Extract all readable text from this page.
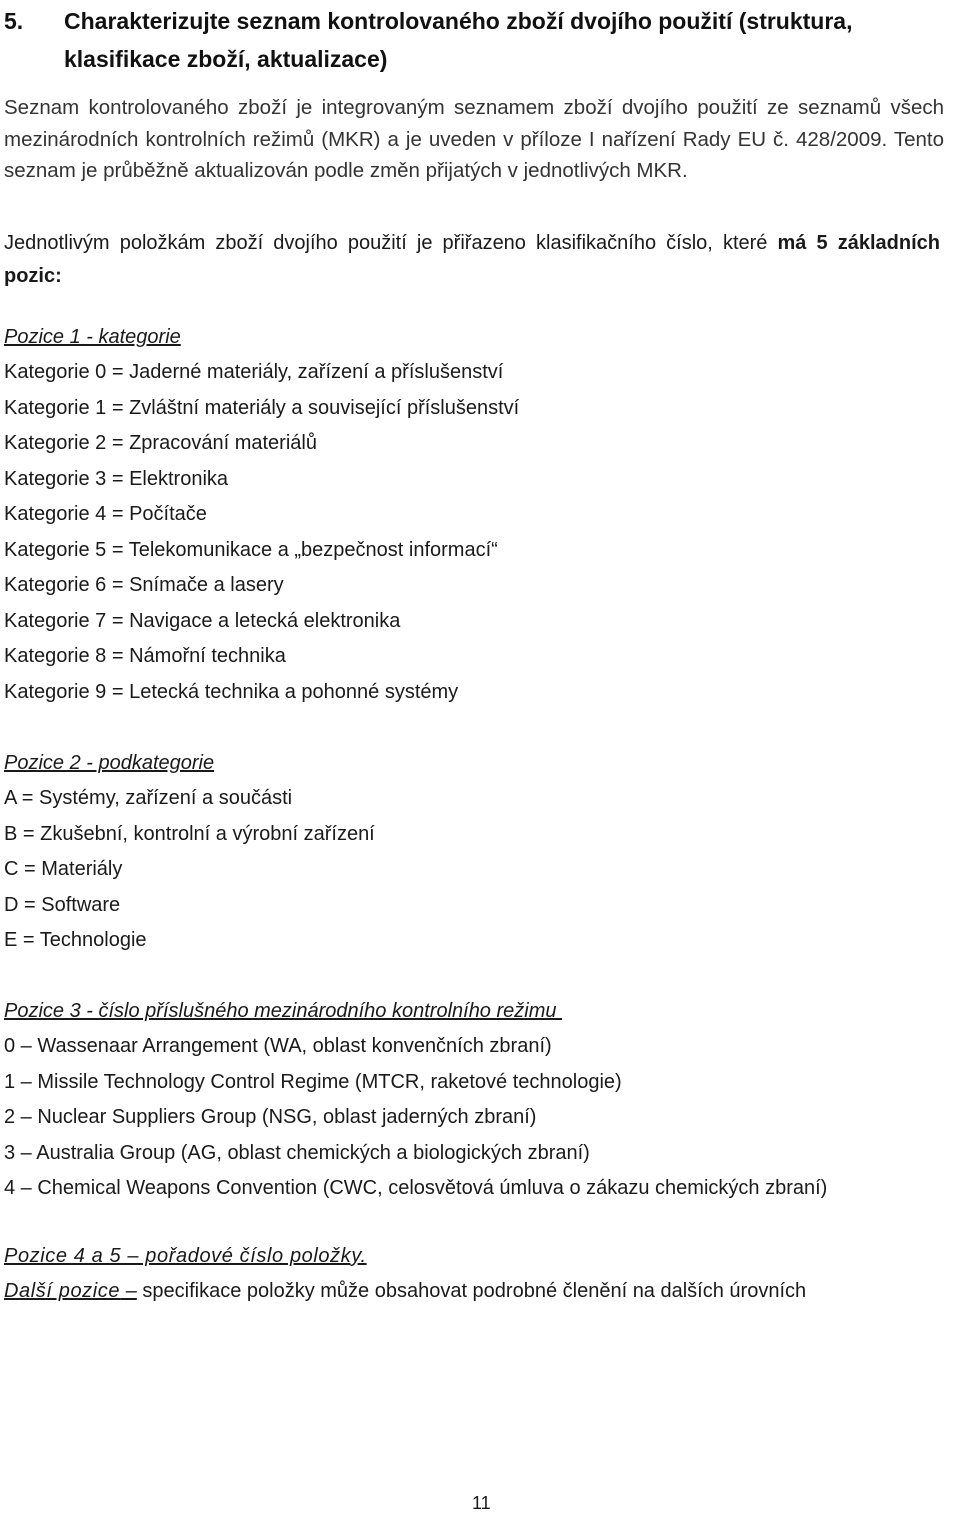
5. Charakterizujte seznam kontrolovaného zboží dvojího použití (struktura, klasifikace zboží, aktualizace)
Seznam kontrolovaného zboží je integrovaným seznamem zboží dvojího použití ze seznamů všech mezinárodních kontrolních režimů (MKR) a je uveden v příloze I nařízení Rady EU č. 428/2009. Tento seznam je průběžně aktualizován podle změn přijatých v jednotlivých MKR.
Jednotlivým položkám zboží dvojího použití je přiřazeno klasifikačního číslo, které má 5 základních pozic:
Pozice 1 - kategorie
Kategorie 0 = Jaderné materiály, zařízení a příslušenství
Kategorie 1 = Zvláštní materiály a související příslušenství
Kategorie 2 = Zpracování materiálů
Kategorie 3 = Elektronika
Kategorie 4 = Počítače
Kategorie 5 = Telekomunikace a „bezpečnost informací“
Kategorie 6 = Snímače a lasery
Kategorie 7 = Navigace a letecká elektronika
Kategorie 8 = Námořní technika
Kategorie 9 = Letecká technika a pohonné systémy
Pozice 2 - podkategorie
A = Systémy, zařízení a součásti
B = Zkušební, kontrolní a výrobní zařízení
C = Materiály
D = Software
E = Technologie
Pozice 3 - číslo příslušného mezinárodního kontrolního režimu
0 – Wassenaar Arrangement (WA, oblast konvenčních zbraní)
1 – Missile Technology Control Regime (MTCR, raketové technologie)
2 – Nuclear Suppliers Group (NSG, oblast jaderných zbraní)
3 – Australia Group (AG, oblast chemických a biologických zbraní)
4 – Chemical Weapons Convention (CWC, celosvětová úmluva o zákazu chemických zbraní)
Pozice 4 a 5 – pořadové číslo položky.
Další pozice – specifikace položky může obsahovat podrobné členění na dalších úrovních
11
